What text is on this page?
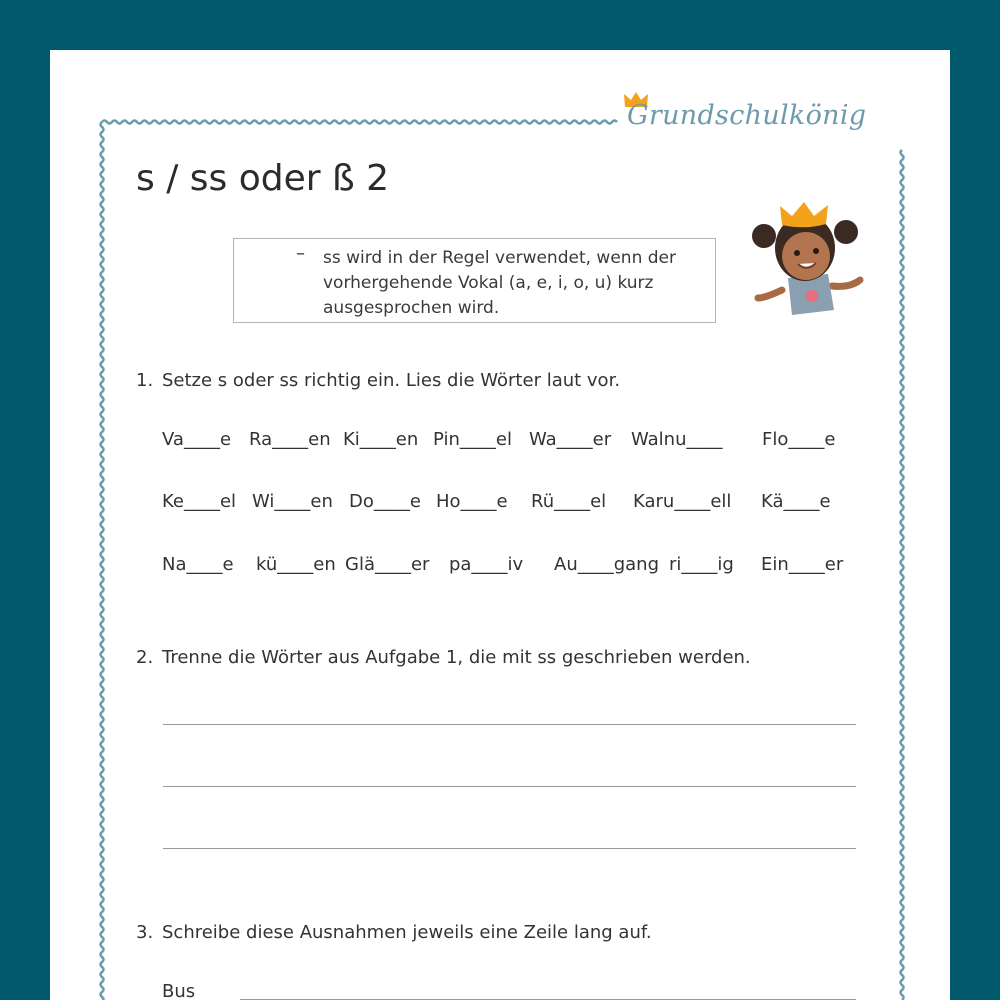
Grundschulkönig
s / ss oder ß 2
– ss wird in der Regel verwendet, wenn der vorhergehende Vokal (a, e, i, o, u) kurz ausgesprochen wird.
1. Setze s oder ss richtig ein. Lies die Wörter laut vor.
Va____e Ra____en Ki____en Pin____el Wa____er Walnu____ Flo____e
Ke____el Wi____en Do____e Ho____e Rü____el Karu____ell Kä____e
Na____e kü____en Glä____er pa____iv Au____gang ri____ig Ein____er
2. Trenne die Wörter aus Aufgabe 1, die mit ss geschrieben werden.
3. Schreibe diese Ausnahmen jeweils eine Zeile lang auf.
Bus
